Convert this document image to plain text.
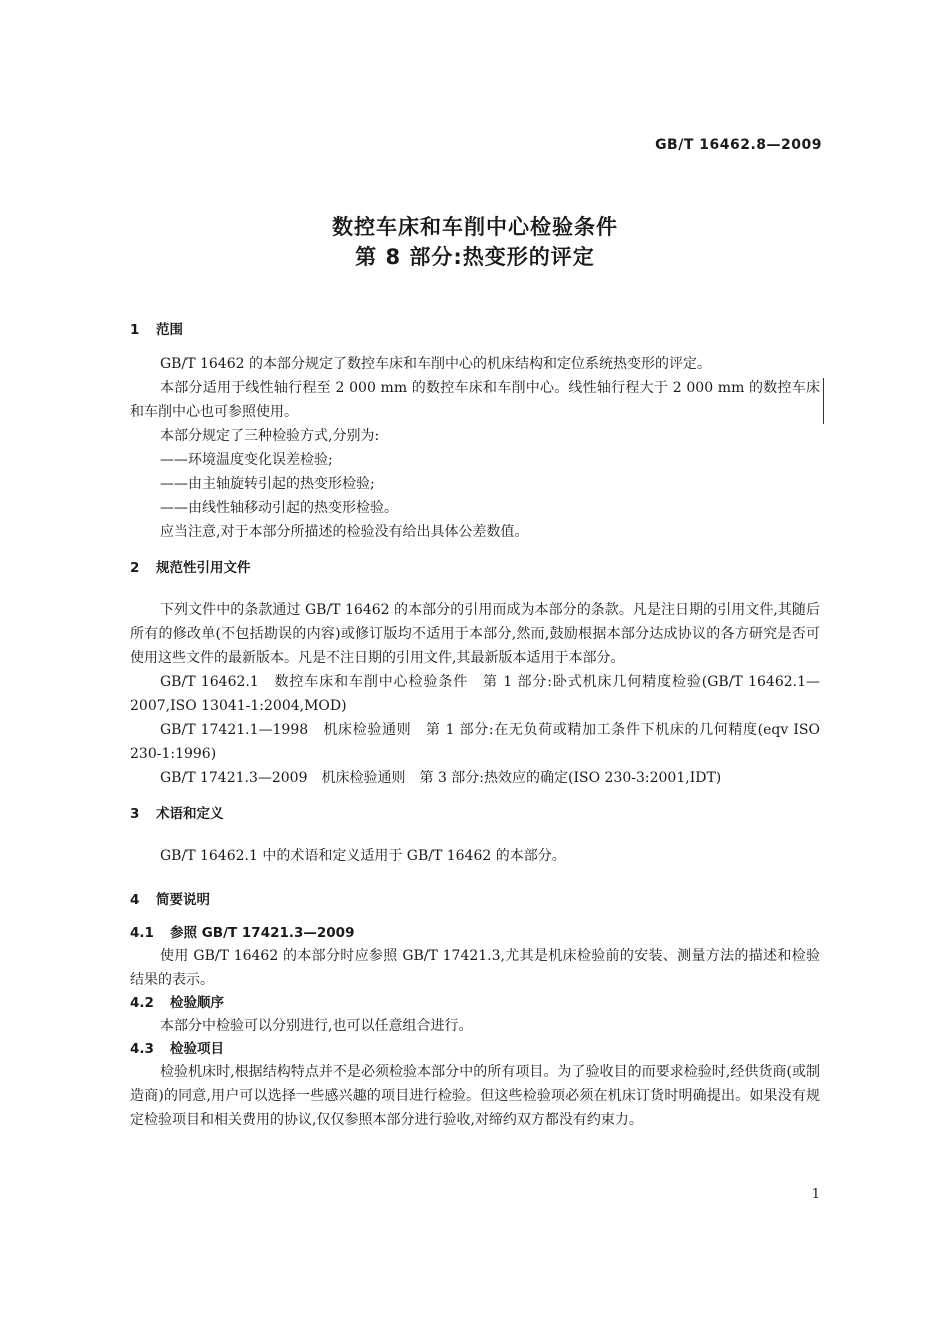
GB/T 16462.8—2009
数控车床和车削中心检验条件
第 8 部分:热变形的评定
1 范围

GB/T 16462 的本部分规定了数控车床和车削中心的机床结构和定位系统热变形的评定。

本部分适用于线性轴行程至 2 000 mm 的数控车床和车削中心。线性轴行程大于 2 000 mm 的数控车床和车削中心也可参照使用。

本部分规定了三种检验方式,分别为:

——环境温度变化误差检验;
——由主轴旋转引起的热变形检验;
——由线性轴移动引起的热变形检验。

应当注意,对于本部分所描述的检验没有给出具体公差数值。

2 规范性引用文件

下列文件中的条款通过 GB/T 16462 的本部分的引用而成为本部分的条款。凡是注日期的引用文件,其随后所有的修改单(不包括勘误的内容)或修订版均不适用于本部分,然而,鼓励根据本部分达成协议的各方研究是否可使用这些文件的最新版本。凡是不注日期的引用文件,其最新版本适用于本部分。

GB/T 16462.1　数控车床和车削中心检验条件　第 1 部分:卧式机床几何精度检验(GB/T 16462.1—2007,ISO 13041-1:2004,MOD)

GB/T 17421.1—1998　机床检验通则　第 1 部分:在无负荷或精加工条件下机床的几何精度(eqv ISO 230-1:1996)

GB/T 17421.3—2009　机床检验通则　第 3 部分:热效应的确定(ISO 230-3:2001,IDT)

3 术语和定义

GB/T 16462.1 中的术语和定义适用于 GB/T 16462 的本部分。

4 简要说明
4.1 参照 GB/T 17421.3—2009

使用 GB/T 16462 的本部分时应参照 GB/T 17421.3,尤其是机床检验前的安装、测量方法的描述和检验结果的表示。

4.2 检验顺序

本部分中检验可以分别进行,也可以任意组合进行。

4.3 检验项目

检验机床时,根据结构特点并不是必须检验本部分中的所有项目。为了验收目的而要求检验时,经供货商(或制造商)的同意,用户可以选择一些感兴趣的项目进行检验。但这些检验项必须在机床订货时明确提出。如果没有规定检验项目和相关费用的协议,仅仅参照本部分进行验收,对缔约双方都没有约束力。

1
